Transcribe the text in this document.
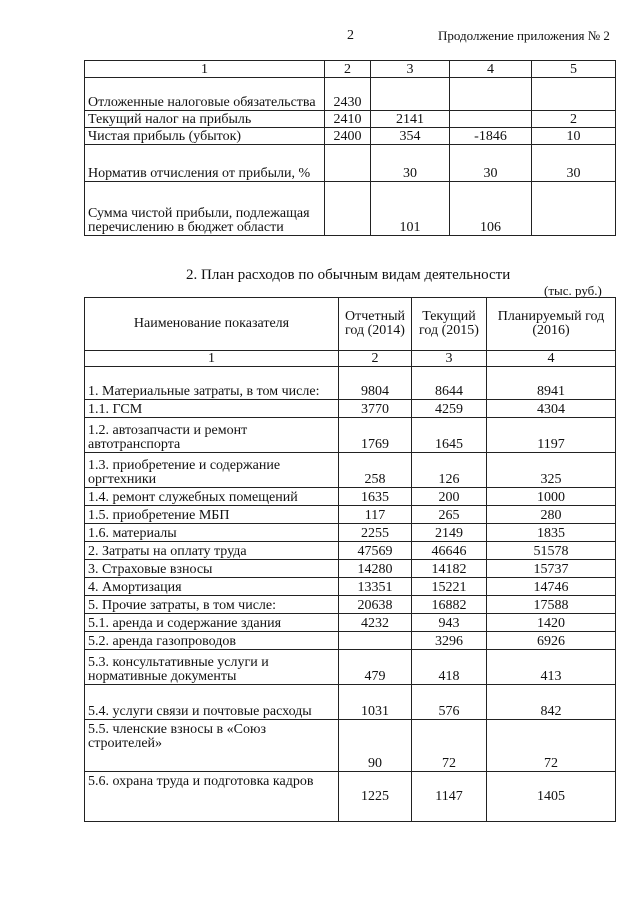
2	Продолжение приложения № 2
1	2	3	4	5
Отложенные налоговые обязательства	2430			
Текущий налог на прибыль	2410	2141		2
Чистая прибыль (убыток)	2400	354	-1846	10
Норматив отчисления от прибыли, %		30	30	30
Сумма чистой прибыли, подлежащая перечислению в бюджет области		101	106	
2. План расходов по обычным видам деятельности
(тыс. руб.)
Наименование показателя	Отчетный год (2014)	Текущий год (2015)	Планируемый год (2016)
1	2	3	4
1. Материальные затраты, в том числе:	9804	8644	8941
1.1. ГСМ	3770	4259	4304
1.2. автозапчасти и ремонт автотранспорта	1769	1645	1197
1.3. приобретение и содержание оргтехники	258	126	325
1.4. ремонт служебных помещений	1635	200	1000
1.5. приобретение МБП	117	265	280
1.6. материалы	2255	2149	1835
2. Затраты на оплату труда	47569	46646	51578
3. Страховые взносы	14280	14182	15737
4. Амортизация	13351	15221	14746
5. Прочие затраты, в том числе:	20638	16882	17588
5.1. аренда и содержание здания	4232	943	1420
5.2. аренда газопроводов		3296	6926
5.3. консультативные услуги и нормативные документы	479	418	413
5.4. услуги связи и почтовые расходы	1031	576	842
5.5. членские взносы в «Союз строителей»	90	72	72
5.6. охрана труда и подготовка кадров	1225	1147	1405
